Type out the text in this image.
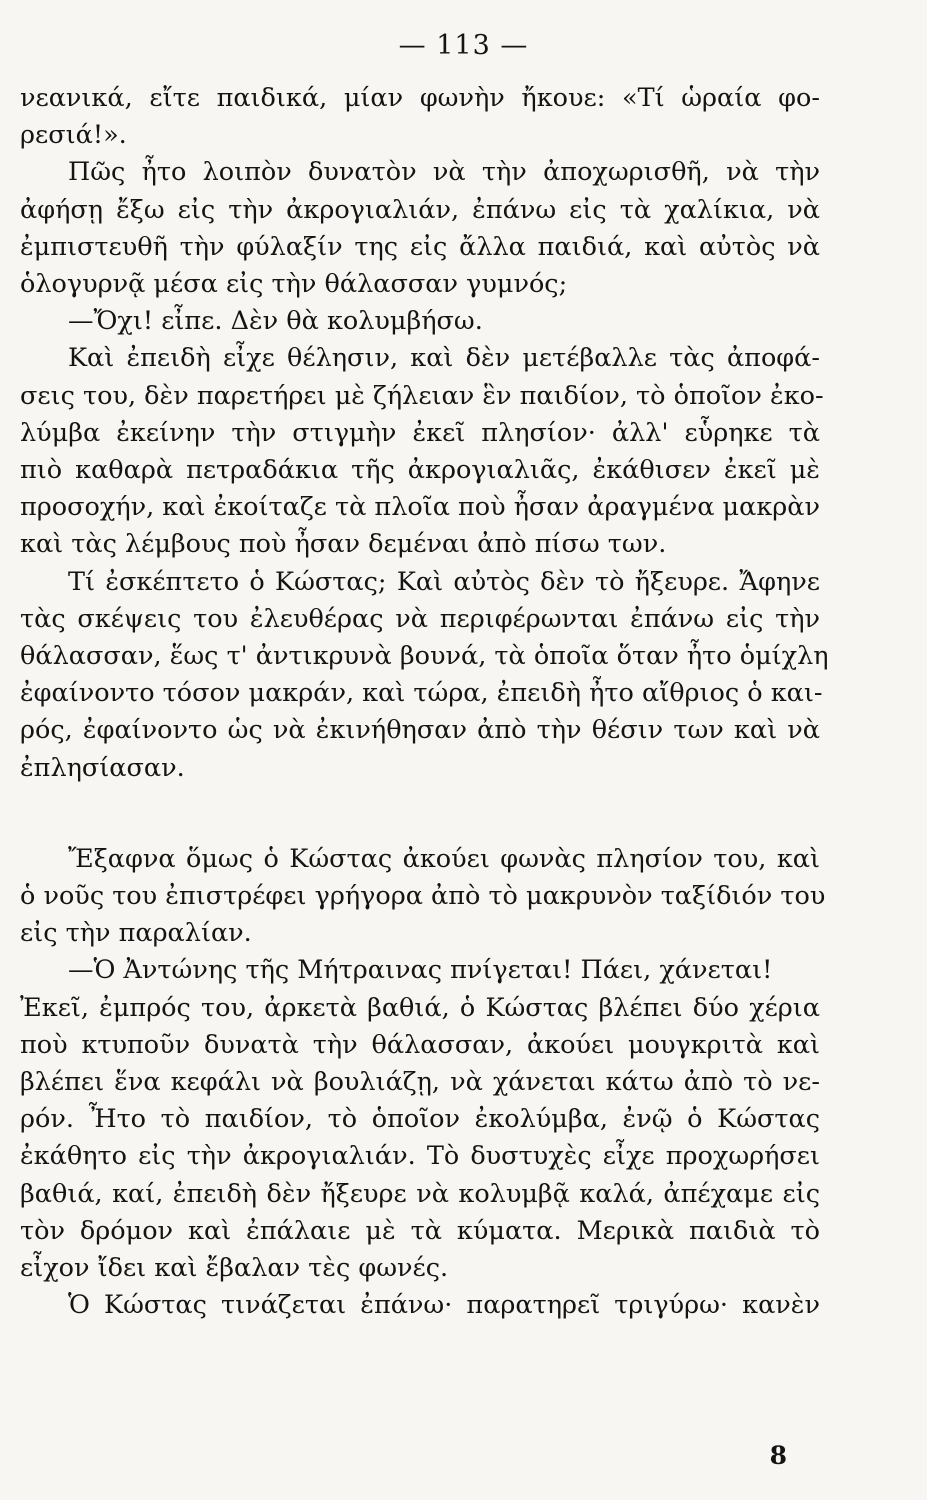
— 113 —
νεανικά, εἴτε παιδικά, μίαν φωνὴν ἤκουε: «Τί ὡραία φο-
ρεσιά!».
Πῶς ἦτο λοιπὸν δυνατὸν νὰ τὴν ἀποχωρισθῆ, νὰ τὴν
ἀφήσῃ ἔξω εἰς τὴν ἀκρογιαλιάν, ἐπάνω εἰς τὰ χαλίκια, νὰ
ἐμπιστευθῆ τὴν φύλαξίν της εἰς ἄλλα παιδιά, καὶ αὐτὸς νὰ
ὁλογυρνᾷ μέσα εἰς τὴν θάλασσαν γυμνός;
—Ὄχι! εἶπε. Δὲν θὰ κολυμβήσω.
Καὶ ἐπειδὴ εἶχε θέλησιν, καὶ δὲν μετέβαλλε τὰς ἀποφά-
σεις του, δὲν παρετήρει μὲ ζήλειαν ἓν παιδίον, τὸ ὁποῖον ἐκο-
λύμβα ἐκείνην τὴν στιγμὴν ἐκεῖ πλησίον· ἀλλ' εὗρηκε τὰ
πιὸ καθαρὰ πετραδάκια τῆς ἀκρογιαλιᾶς, ἐκάθισεν ἐκεῖ μὲ
προσοχήν, καὶ ἐκοίταζε τὰ πλοῖα ποὺ ἦσαν ἀραγμένα μακρὰν
καὶ τὰς λέμβους ποὺ ἦσαν δεμέναι ἀπὸ πίσω των.
Τί ἐσκέπτετο ὁ Κώστας; Καὶ αὐτὸς δὲν τὸ ἤξευρε. Ἄφηνε
τὰς σκέψεις του ἐλευθέρας νὰ περιφέρωνται ἐπάνω εἰς τὴν
θάλασσαν, ἕως τ' ἀντικρυνὰ βουνά, τὰ ὁποῖα ὅταν ἦτο ὁμίχλη
ἐφαίνοντο τόσον μακράν, καὶ τώρα, ἐπειδὴ ἦτο αἴθριος ὁ και-
ρός, ἐφαίνοντο ὡς νὰ ἐκινήθησαν ἀπὸ τὴν θέσιν των καὶ νὰ
ἐπλησίασαν.
Ἔξαφνα ὅμως ὁ Κώστας ἀκούει φωνὰς πλησίον του, καὶ
ὁ νοῦς του ἐπιστρέφει γρήγορα ἀπὸ τὸ μακρυνὸν ταξίδιόν του
εἰς τὴν παραλίαν.
—Ὁ Ἀντώνης τῆς Μήτραινας πνίγεται! Πάει, χάνεται!
Ἐκεῖ, ἐμπρός του, ἀρκετὰ βαθιά, ὁ Κώστας βλέπει δύο χέρια
ποὺ κτυποῦν δυνατὰ τὴν θάλασσαν, ἀκούει μουγκριτὰ καὶ
βλέπει ἕνα κεφάλι νὰ βουλιάζῃ, νὰ χάνεται κάτω ἀπὸ τὸ νε-
ρόν. Ἦτο τὸ παιδίον, τὸ ὁποῖον ἐκολύμβα, ἐνῷ ὁ Κώστας
ἐκάθητο εἰς τὴν ἀκρογιαλιάν. Τὸ δυστυχὲς εἶχε προχωρήσει
βαθιά, καί, ἐπειδὴ δὲν ἤξευρε νὰ κολυμβᾷ καλά, ἀπέχαμε εἰς
τὸν δρόμον καὶ ἐπάλαιε μὲ τὰ κύματα. Μερικὰ παιδιὰ τὸ
εἶχον ἴδει καὶ ἔβαλαν τὲς φωνές.
Ὁ Κώστας τινάζεται ἐπάνω· παρατηρεῖ τριγύρω· κανὲν
8
